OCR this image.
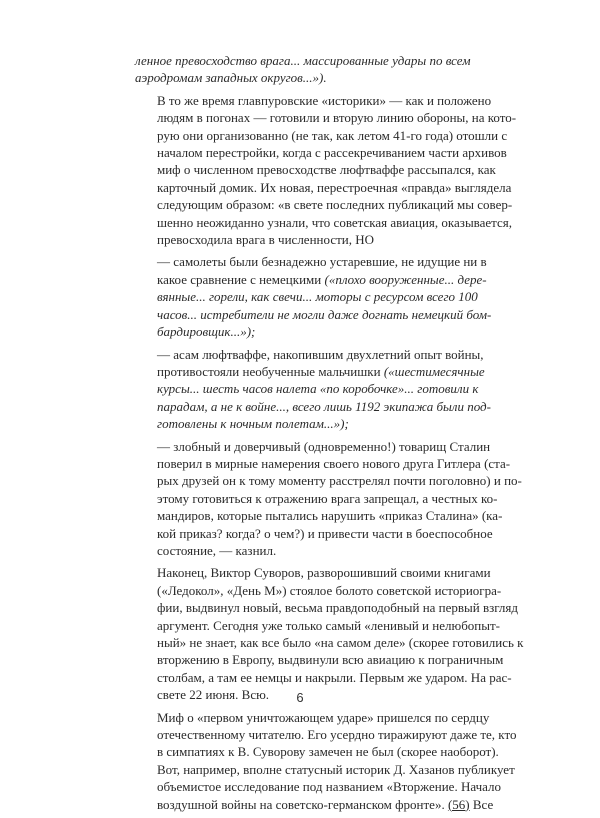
ленное превосходство врага... массированные удары по всем
аэродромам западных округов...»).

В то же время главпуровские «историки» — как и положено
людям в погонах — готовили и вторую линию обороны, на кото-
рую они организованно (не так, как летом 41-го года) отошли с
началом перестройки, когда с рассекречиванием части архивов
миф о численном превосходстве люфтваффе рассыпался, как
карточный домик. Их новая, перестроечная «правда» выглядела
следующим образом: «в свете последних публикаций мы совер-
шенно неожиданно узнали, что советская авиация, оказывается,
превосходила врага в численности, НО

— самолеты были безнадежно устаревшие, не идущие ни в
какое сравнение с немецкими («плохо вооруженные... дере-
вянные... горели, как свечи... моторы с ресурсом всего 100
часов... истребители не могли даже догнать немецкий бом-
бардировщик...»);

— асам люфтваффе, накопившим двухлетний опыт войны,
противостояли необученные мальчишки («шестимесячные
курсы... шесть часов налета «по коробочке»... готовили к
парадам, а не к войне..., всего лишь 1192 экипажа были под-
готовлены к ночным полетам...»);

— злобный и доверчивый (одновременно!) товарищ Сталин
поверил в мирные намерения своего нового друга Гитлера (ста-
рых друзей он к тому моменту расстрелял почти поголовно) и по-
этому готовиться к отражению врага запрещал, а честных ко-
мандиров, которые пытались нарушить «приказ Сталина» (ка-
кой приказ? когда? о чем?) и привести части в боеспособное
состояние, — казнил.

Наконец, Виктор Суворов, разворошивший своими книгами
(«Ледокол», «День М») стоялое болото советской историогра-
фии, выдвинул новый, весьма правдоподобный на первый взгляд
аргумент. Сегодня уже только самый «ленивый и нелюбопыт-
ный» не знает, как все было «на самом деле» (скорее готовились к
вторжению в Европу, выдвинули всю авиацию к пограничным
столбам, а там ее немцы и накрыли. Первым же ударом. На рас-
свете 22 июня. Всю.

Миф о «первом уничтожающем ударе» пришелся по сердцу
отечественному читателю. Его усердно тиражируют даже те, кто
в симпатиях к В. Суворову замечен не был (скорее наоборот).
Вот, например, вполне статусный историк Д. Хазанов публикует
объемистое исследование под названием «Вторжение. Начало
воздушной войны на советско-германском фронте». (56) Все

6
